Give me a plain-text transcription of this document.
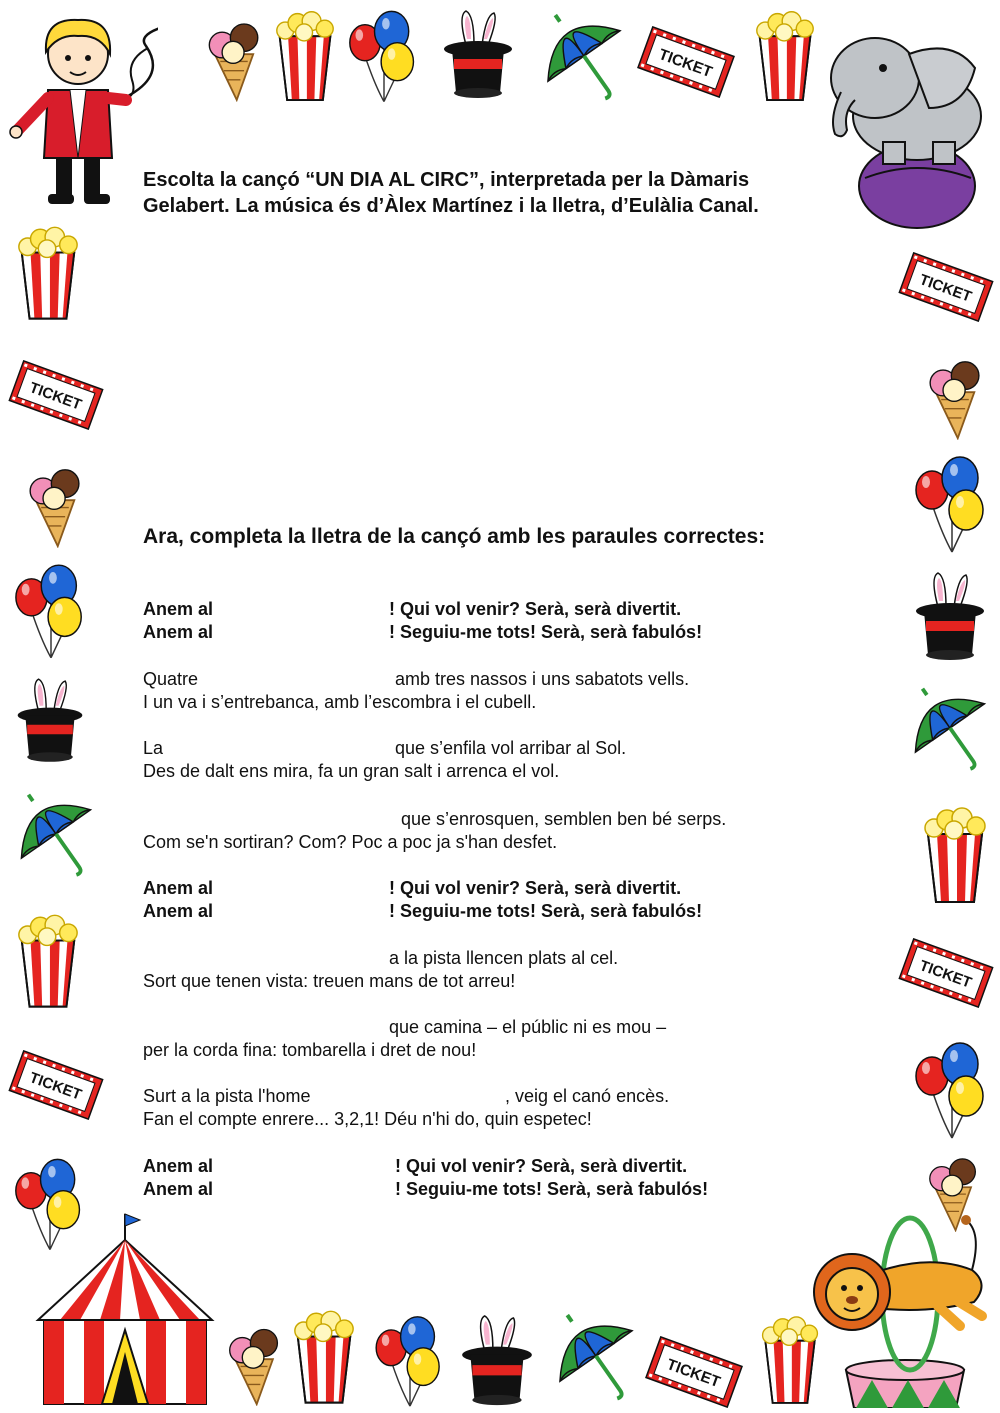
Escolta la cançó “UN DIA AL CIRC”, interpretada per la Dàmaris
Gelabert. La música és d’Àlex Martínez i la lletra, d’Eulàlia Canal.
Ara, completa la lletra de la cançó amb les paraules correctes:
Anem al	! Qui vol venir? Serà, serà divertit.
Anem al	! Seguiu-me tots! Serà, serà fabulós!
Quatre	amb tres nassos i uns sabatots vells.
I un va i s’entrebanca, amb l’escombra i el cubell.
La	que s’enfila vol arribar al Sol.
Des de dalt ens mira, fa un gran salt i arrenca el vol.
que s’enrosquen, semblen ben bé serps.
Com se'n sortiran? Com? Poc a poc ja s'han desfet.
Anem al	! Qui vol venir? Serà, serà divertit.
Anem al	! Seguiu-me tots! Serà, serà fabulós!
a la pista llencen plats al cel.
Sort que tenen vista: treuen mans de tot arreu!
que camina – el públic ni es mou –
per la corda fina: tombarella i dret de nou!
Surt a la pista l'home	, veig el canó encès.
Fan el compte enrere... 3,2,1! Déu n'hi do, quin espetec!
Anem al	! Qui vol venir? Serà, serà divertit.
Anem al	! Seguiu-me tots! Serà, serà fabulós!
